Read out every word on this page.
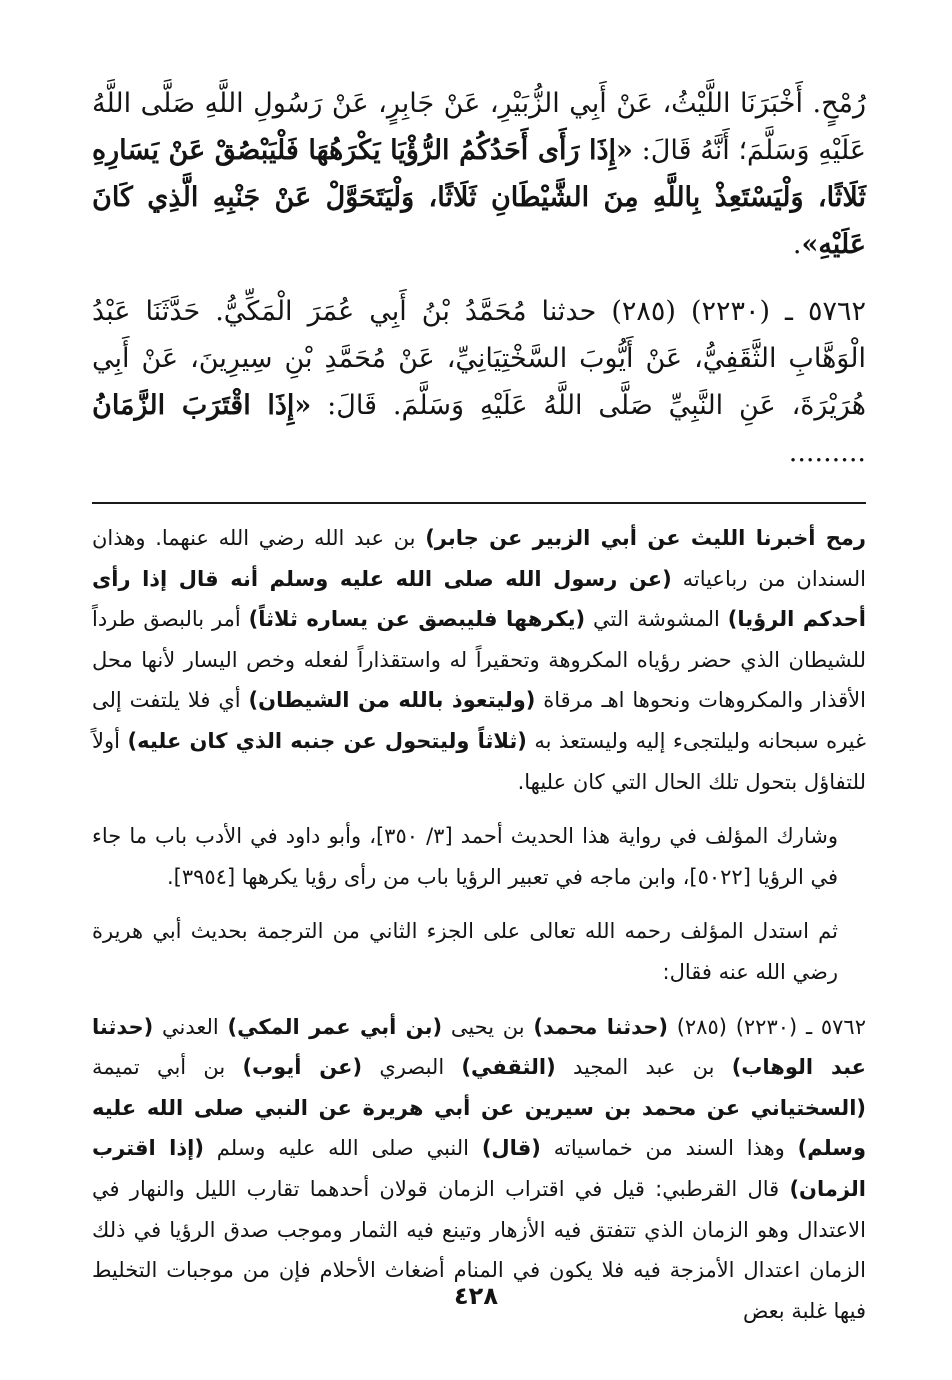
رُمْحٍ. أَخْبَرَنَا اللَّيْثُ، عَنْ أَبِي الزُّبَيْرِ، عَنْ جَابِرٍ، عَنْ رَسُولِ اللَّهِ صَلَّى اللَّهُ عَلَيْهِ وَسَلَّمَ؛ أَنَّهُ قَالَ: «إِذَا رَأَى أَحَدُكُمُ الرُّؤْيَا يَكْرَهُهَا فَلْيَبْصُقْ عَنْ يَسَارِهِ ثَلَاثًا، وَلْيَسْتَعِذْ بِاللَّهِ مِنَ الشَّيْطَانِ ثَلَاثًا، وَلْيَتَحَوَّلْ عَنْ جَنْبِهِ الَّذِي كَانَ عَلَيْهِ».

٥٧٦٢ ـ (٢٢٣٠) (٢٨٥) حدثنا مُحَمَّدُ بْنُ أَبِي عُمَرَ الْمَكِّيُّ. حَدَّثَنَا عَبْدُ الْوَهَّابِ الثَّقَفِيُّ، عَنْ أَيُّوبَ السَّخْتِيَانِيِّ، عَنْ مُحَمَّدِ بْنِ سِيرِينَ، عَنْ أَبِي هُرَيْرَةَ، عَنِ النَّبِيِّ صَلَّى اللَّهُ عَلَيْهِ وَسَلَّمَ. قَالَ: «إِذَا اقْتَرَبَ الزَّمَانُ .........

رمح أخبرنا الليث عن أبي الزبير عن جابر) بن عبد الله رضي الله عنهما. وهذان السندان من رباعياته (عن رسول الله صلى الله عليه وسلم أنه قال إذا رأى أحدكم الرؤيا) المشوشة التي (يكرهها فليبصق عن يساره ثلاثاً) أمر بالبصق طرداً للشيطان الذي حضر رؤياه المكروهة وتحقيراً له واستقذاراً لفعله وخص اليسار لأنها محل الأقذار والمكروهات ونحوها اهـ مرقاة (وليتعوذ بالله من الشيطان) أي فلا يلتفت إلى غيره سبحانه وليلتجىء إليه وليستعذ به (ثلاثاً وليتحول عن جنبه الذي كان عليه) أولاً للتفاؤل بتحول تلك الحال التي كان عليها.

وشارك المؤلف في رواية هذا الحديث أحمد [٣/ ٣٥٠]، وأبو داود في الأدب باب ما جاء في الرؤيا [٥٠٢٢]، وابن ماجه في تعبير الرؤيا باب من رأى رؤيا يكرهها [٣٩٥٤].

ثم استدل المؤلف رحمه الله تعالى على الجزء الثاني من الترجمة بحديث أبي هريرة رضي الله عنه فقال:

٥٧٦٢ ـ (٢٢٣٠) (٢٨٥) (حدثنا محمد) بن يحيى (بن أبي عمر المكي) العدني (حدثنا عبد الوهاب) بن عبد المجيد (الثقفي) البصري (عن أيوب) بن أبي تميمة (السختياني عن محمد بن سيرين عن أبي هريرة عن النبي صلى الله عليه وسلم) وهذا السند من خماسياته (قال) النبي صلى الله عليه وسلم (إذا اقترب الزمان) قال القرطبي: قيل في اقتراب الزمان قولان أحدهما تقارب الليل والنهار في الاعتدال وهو الزمان الذي تتفتق فيه الأزهار وتينع فيه الثمار وموجب صدق الرؤيا في ذلك الزمان اعتدال الأمزجة فيه فلا يكون في المنام أضغاث الأحلام فإن من موجبات التخليط فيها غلبة بعض

٤٢٨
